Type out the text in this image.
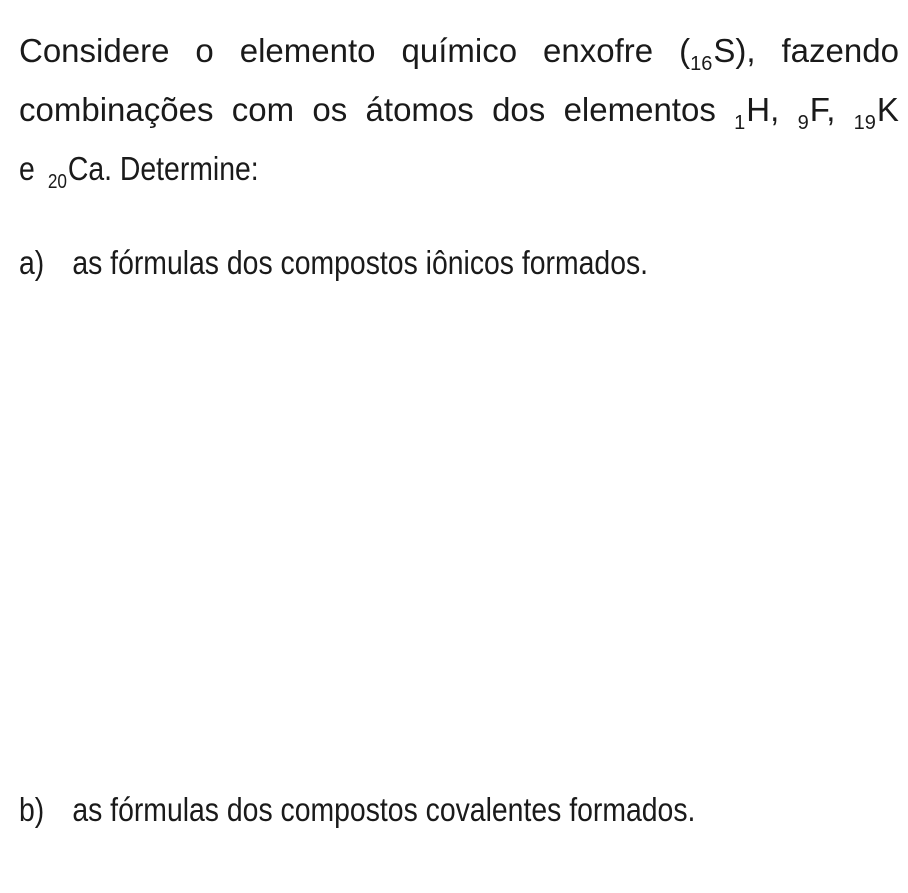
Considere o elemento químico enxofre $(_{16}S)$, fazendo
combinações com os átomos dos elementos $_1$H, $_9$F, $_{19}$K
e $_{20}$Ca. Determine:
a) as fórmulas dos compostos iônicos formados.
b) as fórmulas dos compostos covalentes formados.
